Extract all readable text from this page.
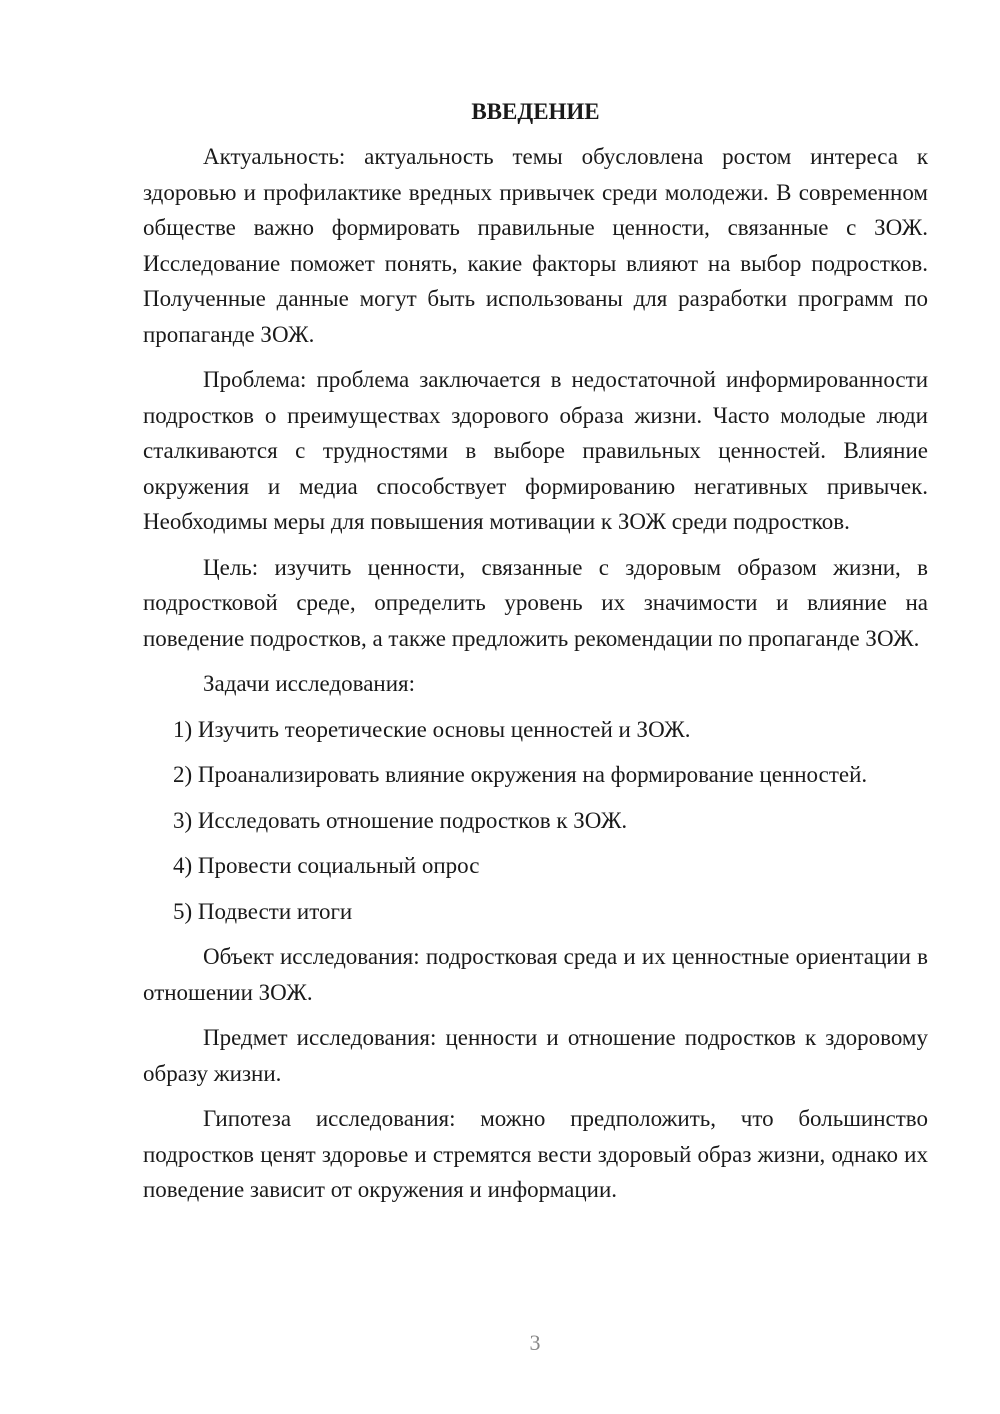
ВВЕДЕНИЕ

Актуальность: актуальность темы обусловлена ростом интереса к здоровью и профилактике вредных привычек среди молодежи. В современном обществе важно формировать правильные ценности, связанные с ЗОЖ. Исследование поможет понять, какие факторы влияют на выбор подростков. Полученные данные могут быть использованы для разработки программ по пропаганде ЗОЖ.

Проблема: проблема заключается в недостаточной информированности подростков о преимуществах здорового образа жизни. Часто молодые люди сталкиваются с трудностями в выборе правильных ценностей. Влияние окружения и медиа способствует формированию негативных привычек. Необходимы меры для повышения мотивации к ЗОЖ среди подростков.

Цель: изучить ценности, связанные с здоровым образом жизни, в подростковой среде, определить уровень их значимости и влияние на поведение подростков, а также предложить рекомендации по пропаганде ЗОЖ.

Задачи исследования:

1) Изучить теоретические основы ценностей и ЗОЖ.

2) Проанализировать влияние окружения на формирование ценностей.

3) Исследовать отношение подростков к ЗОЖ.

4) Провести социальный опрос

5) Подвести итоги

Объект исследования: подростковая среда и их ценностные ориентации в отношении ЗОЖ.

Предмет исследования: ценности и отношение подростков к здоровому образу жизни.

Гипотеза исследования: можно предположить, что большинство подростков ценят здоровье и стремятся вести здоровый образ жизни, однако их поведение зависит от окружения и информации.

3
